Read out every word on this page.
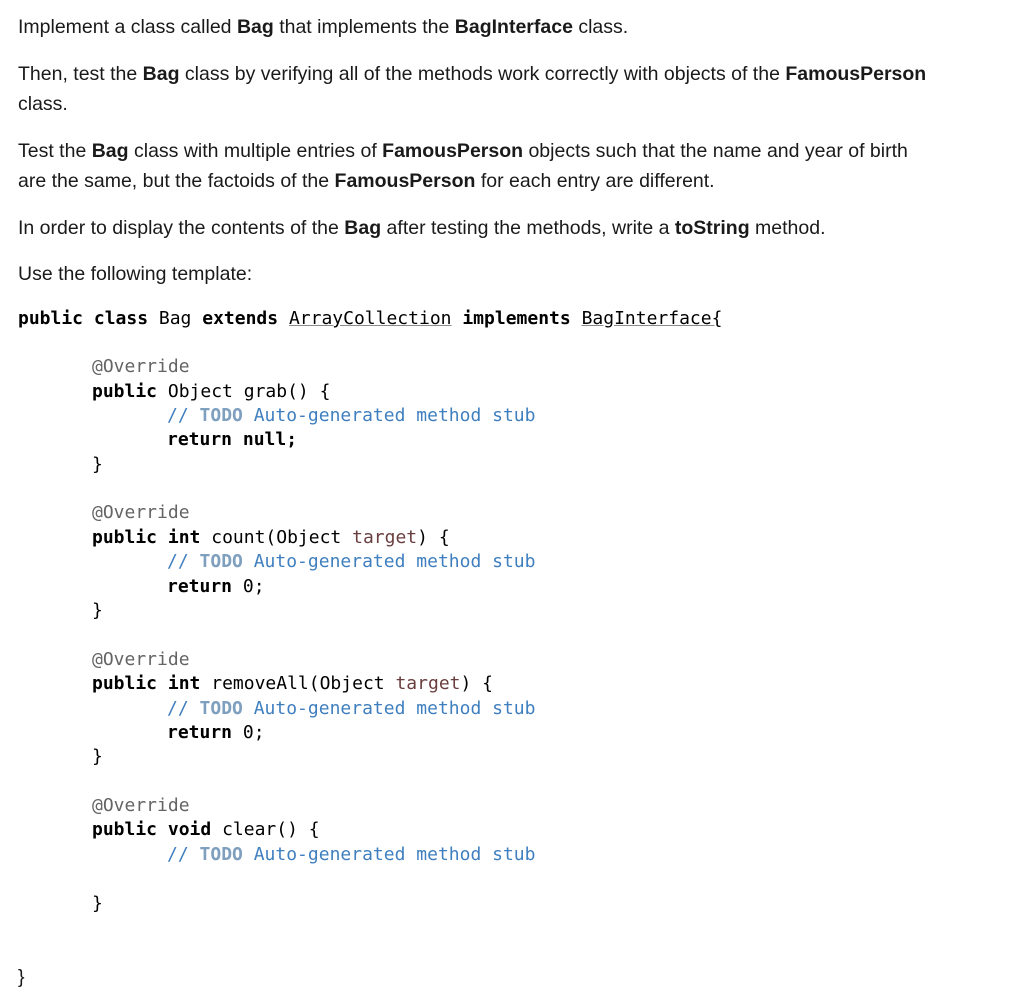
Implement a class called Bag that implements the BagInterface class.

Then, test the Bag class by verifying all of the methods work correctly with objects of the FamousPerson
class.

Test the Bag class with multiple entries of FamousPerson objects such that the name and year of birth
are the same, but the factoids of the FamousPerson for each entry are different.

In order to display the contents of the Bag after testing the methods, write a toString method.

Use the following template:

public class Bag extends ArrayCollection implements BagInterface{
@Override
public Object grab() {
// TODO Auto-generated method stub
return null;
}
@Override
public int count(Object target) {
// TODO Auto-generated method stub
return 0;
}
@Override
public int removeAll(Object target) {
// TODO Auto-generated method stub
return 0;
}
@Override
public void clear() {
// TODO Auto-generated method stub
}
}
